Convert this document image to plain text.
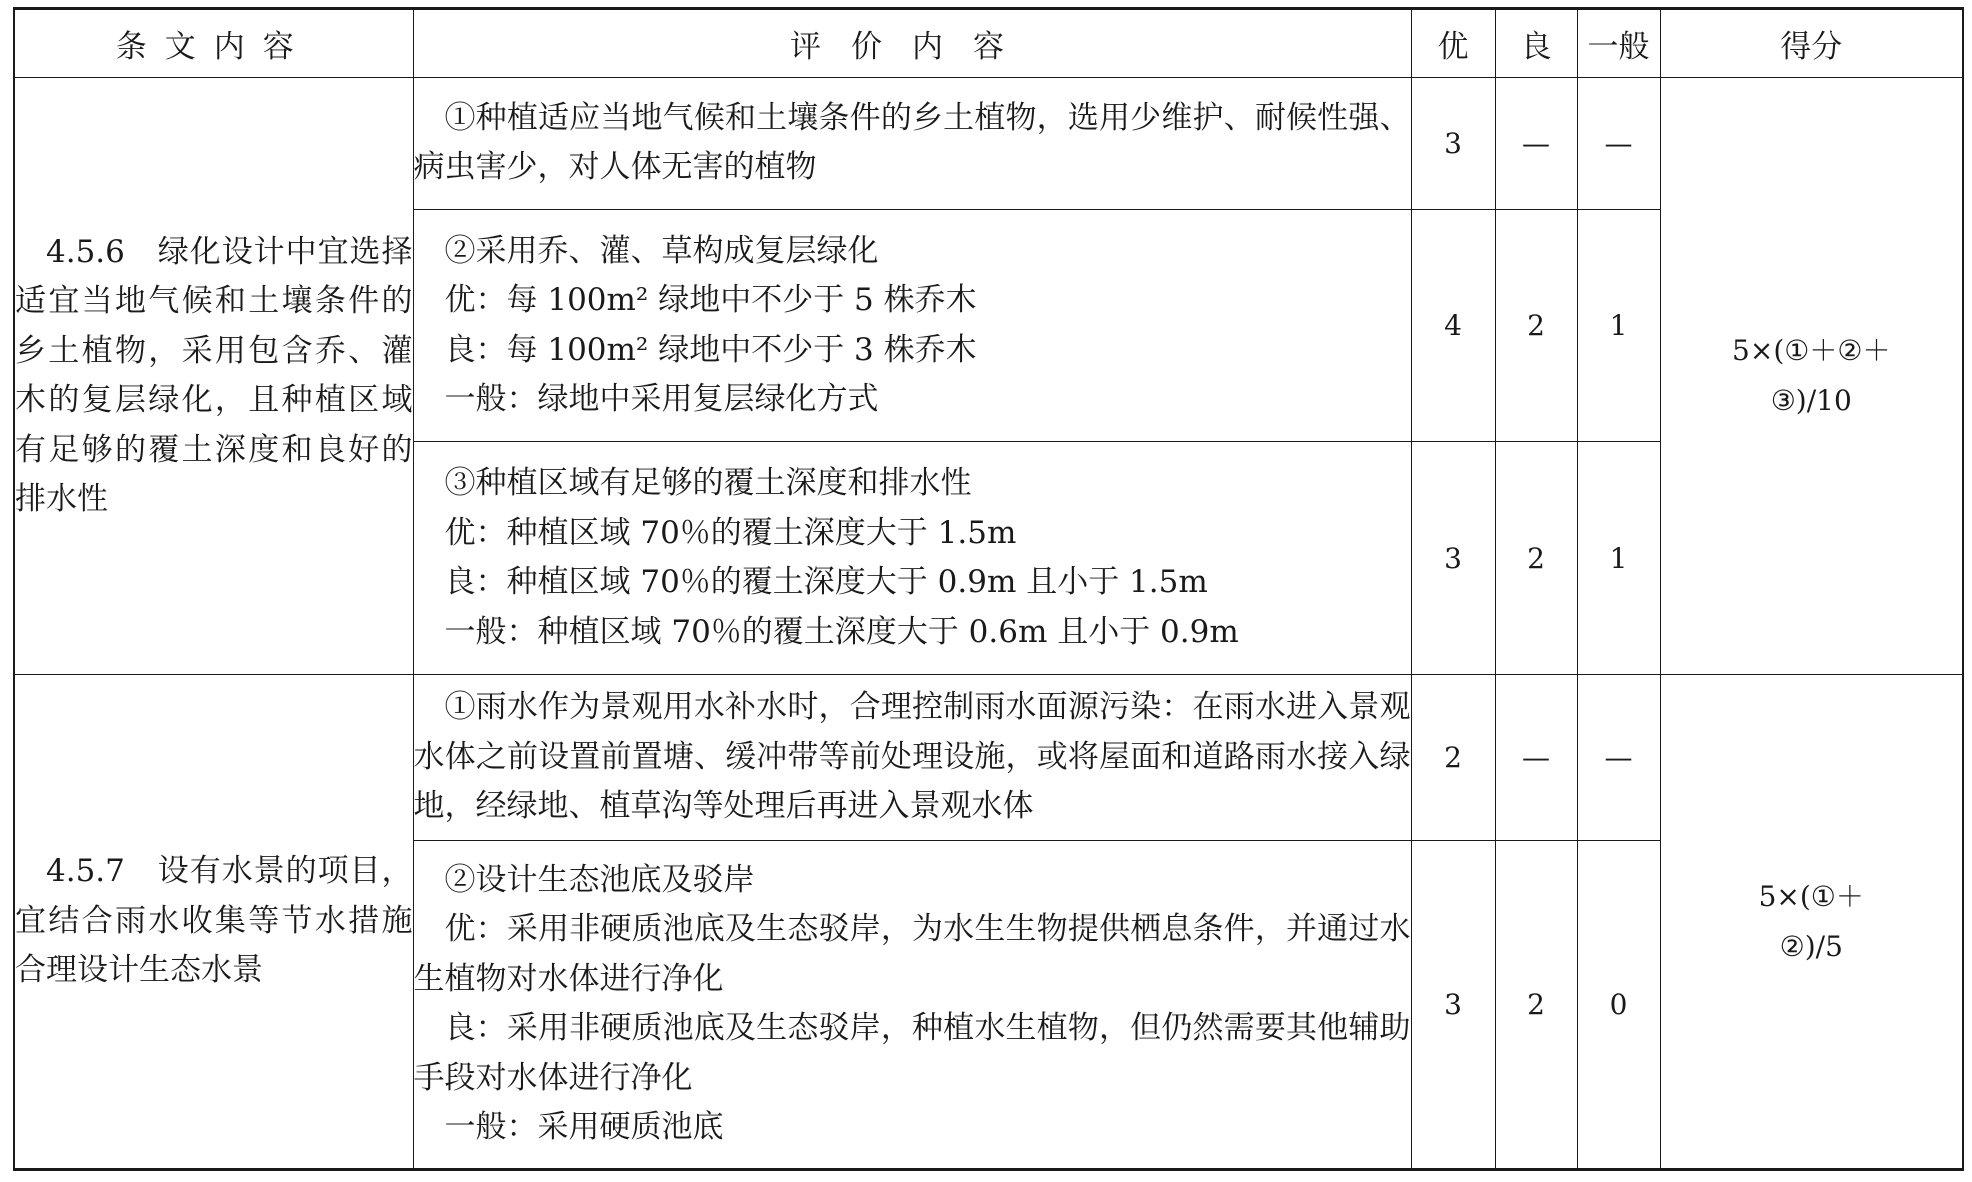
条文内容	评价内容	优	良	一般	得分

4.5.6　绿化设计中宜选择适宜当地气候和土壤条件的乡土植物，采用包含乔、灌木的复层绿化，且种植区域有足够的覆土深度和良好的排水性	①种植适应当地气候和土壤条件的乡土植物，选用少维护、耐候性强、病虫害少，对人体无害的植物	3	—	—	5×(①＋②＋③)/10

	②采用乔、灌、草构成复层绿化
优：每 100m² 绿地中不少于 5 株乔木
良：每 100m² 绿地中不少于 3 株乔木
一般：绿地中采用复层绿化方式	4	2	1	

	③种植区域有足够的覆土深度和排水性
优：种植区域 70％的覆土深度大于 1.5m
良：种植区域 70％的覆土深度大于 0.9m 且小于 1.5m
一般：种植区域 70％的覆土深度大于 0.6m 且小于 0.9m	3	2	1	

4.5.7　设有水景的项目，宜结合雨水收集等节水措施合理设计生态水景	①雨水作为景观用水补水时，合理控制雨水面源污染：在雨水进入景观水体之前设置前置塘、缓冲带等前处理设施，或将屋面和道路雨水接入绿地，经绿地、植草沟等处理后再进入景观水体	2	—	—	5×(①＋②)/5

	②设计生态池底及驳岸
优：采用非硬质池底及生态驳岸，为水生生物提供栖息条件，并通过水生植物对水体进行净化
良：采用非硬质池底及生态驳岸，种植水生植物，但仍然需要其他辅助手段对水体进行净化
一般：采用硬质池底	3	2	0	
